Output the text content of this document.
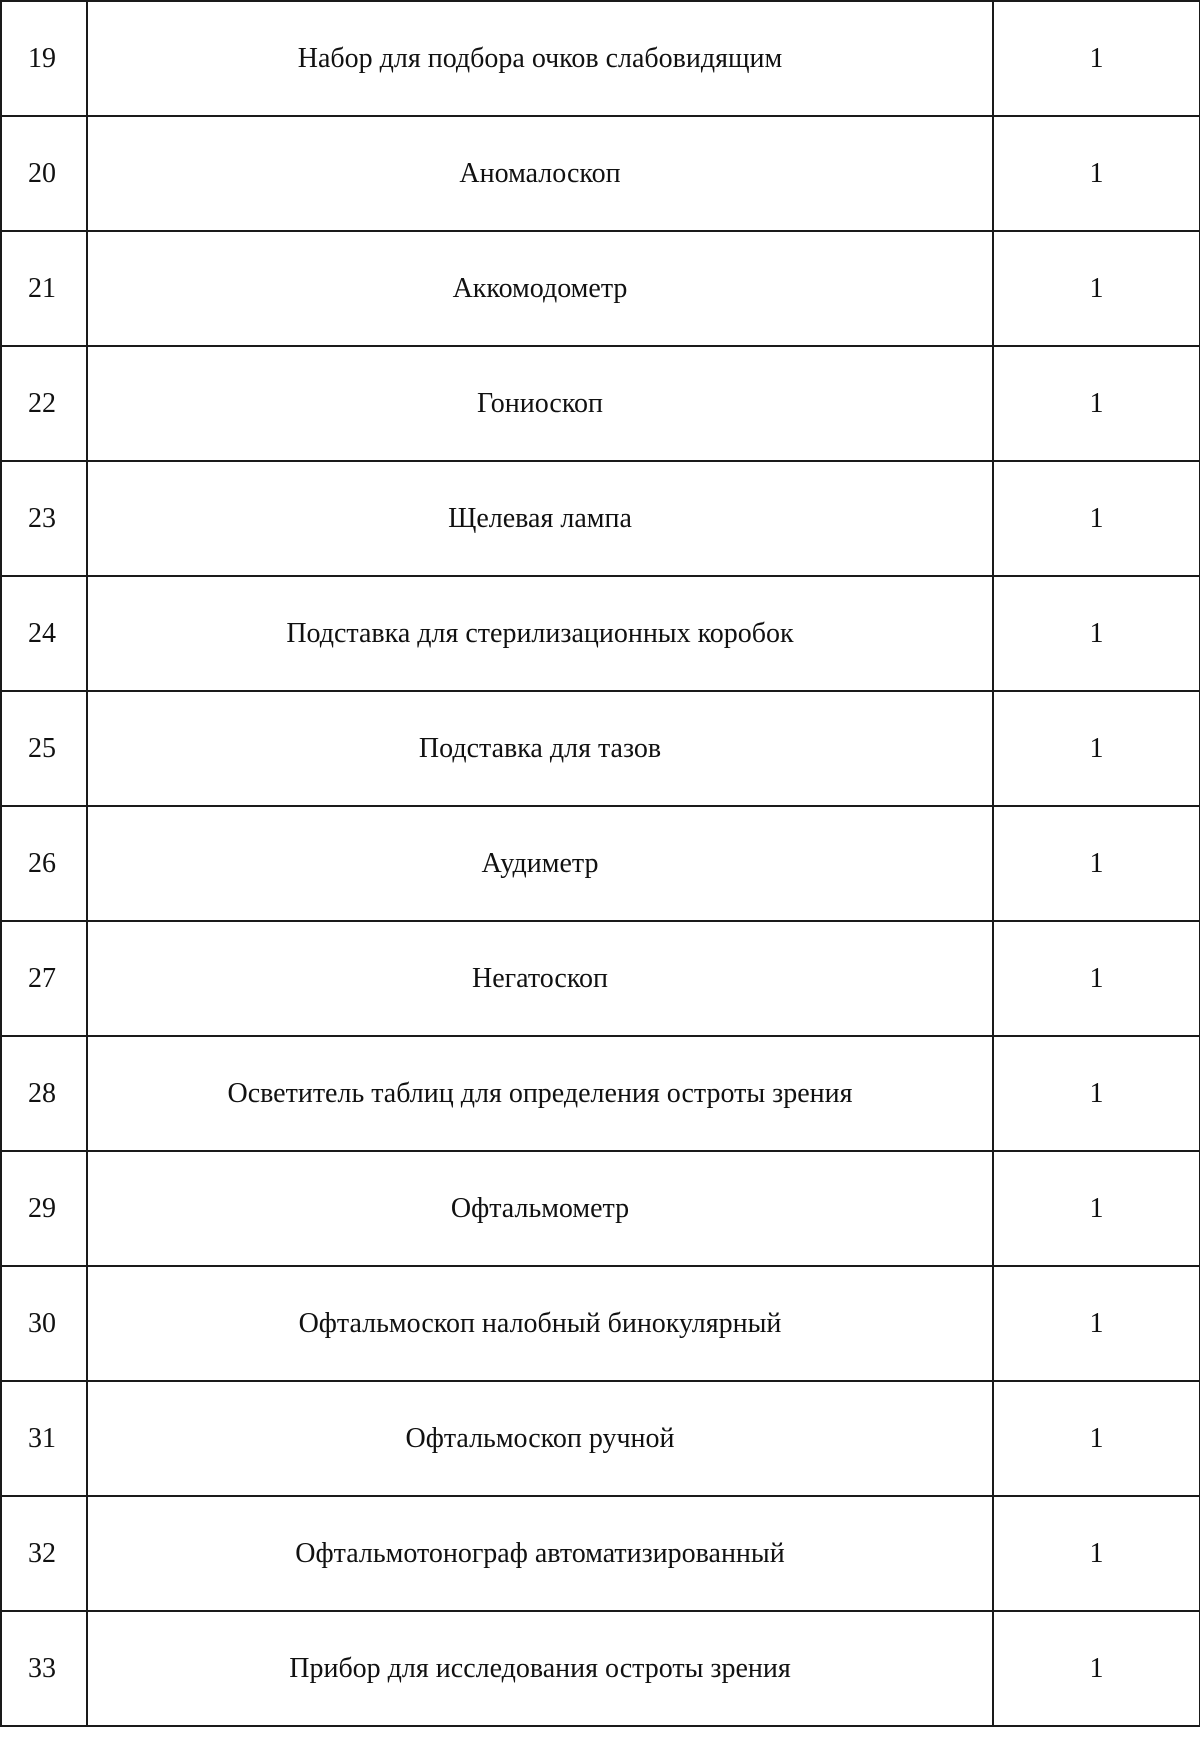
19	Набор для подбора очков слабовидящим	1
20	Аномалоскоп	1
21	Аккомодометр	1
22	Гониоскоп	1
23	Щелевая лампа	1
24	Подставка для стерилизационных коробок	1
25	Подставка для тазов	1
26	Аудиметр	1
27	Негатоскоп	1
28	Осветитель таблиц для определения остроты зрения	1
29	Офтальмометр	1
30	Офтальмоскоп налобный бинокулярный	1
31	Офтальмоскоп ручной	1
32	Офтальмотонограф автоматизированный	1
33	Прибор для исследования остроты зрения	1
